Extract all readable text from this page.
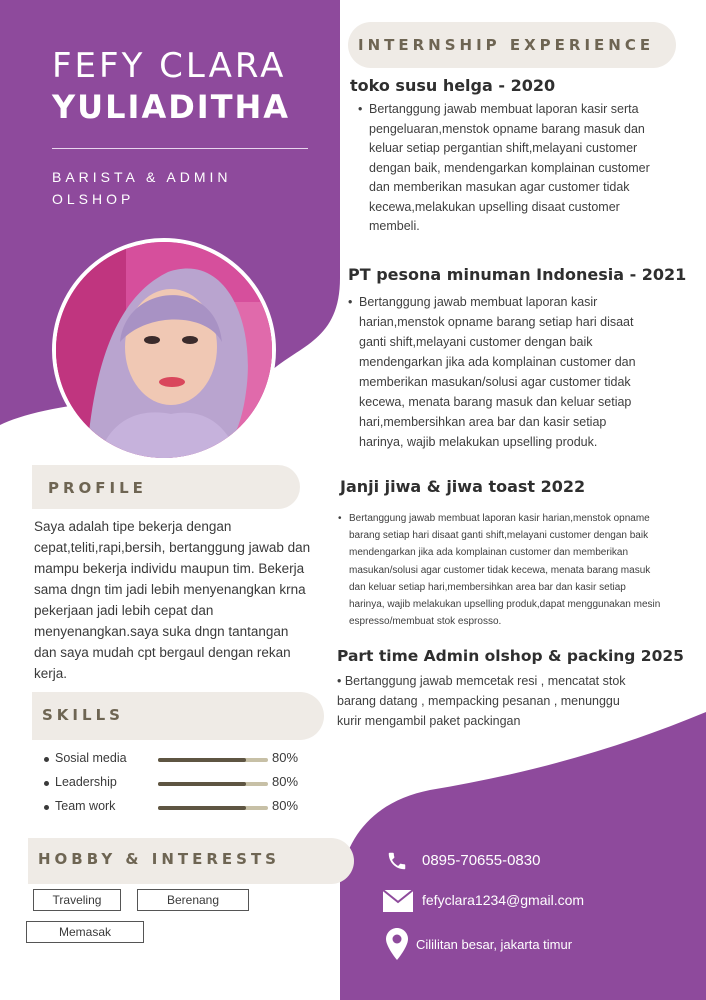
FEFY CLARA
YULIADITHA
BARISTA & ADMIN OLSHOP
INTERNSHIP EXPERIENCE
PROFILE
SKILLS
HOBBY & INTERESTS
Saya adalah tipe bekerja dengan cepat,teliti,rapi,bersih, bertanggung jawab dan mampu bekerja individu maupun tim. Bekerja sama dngn tim jadi lebih menyenangkan krna pekerjaan jadi lebih cepat dan menyenangkan.saya suka dngn tantangan dan saya mudah cpt bergaul dengan rekan kerja.
Sosial media	80%
Leadership	80%
Team work	80%
Traveling	Berenang
Memasak
toko susu helga - 2020
• Bertanggung jawab membuat laporan kasir serta pengeluaran,menstok opname barang masuk dan keluar setiap pergantian shift,melayani customer dengan baik, mendengarkan komplainan customer dan memberikan masukan agar customer tidak kecewa,melakukan upselling disaat customer membeli.
PT pesona minuman Indonesia - 2021
• Bertanggung jawab membuat laporan kasir harian,menstok opname barang setiap hari disaat ganti shift,melayani customer dengan baik mendengarkan jika ada komplainan customer dan memberikan masukan/solusi agar customer tidak kecewa, menata barang masuk dan keluar setiap hari,membersihkan area bar dan kasir setiap harinya, wajib melakukan upselling produk.
Janji jiwa & jiwa toast 2022
• Bertanggung jawab membuat laporan kasir harian,menstok opname barang setiap hari disaat ganti shift,melayani customer dengan baik mendengarkan jika ada komplainan customer dan memberikan masukan/solusi agar customer tidak kecewa, menata barang masuk dan keluar setiap hari,membersihkan area bar dan kasir setiap harinya, wajib melakukan upselling produk,dapat menggunakan mesin espresso/membuat stok esprosso.
Part time Admin olshop & packing 2025
• Bertanggung jawab memcetak resi , mencatat stok barang datang , mempacking pesanan , menunggu kurir mengambil paket packingan
0895-70655-0830
fefyclara1234@gmail.com
Cililitan besar, jakarta timur
